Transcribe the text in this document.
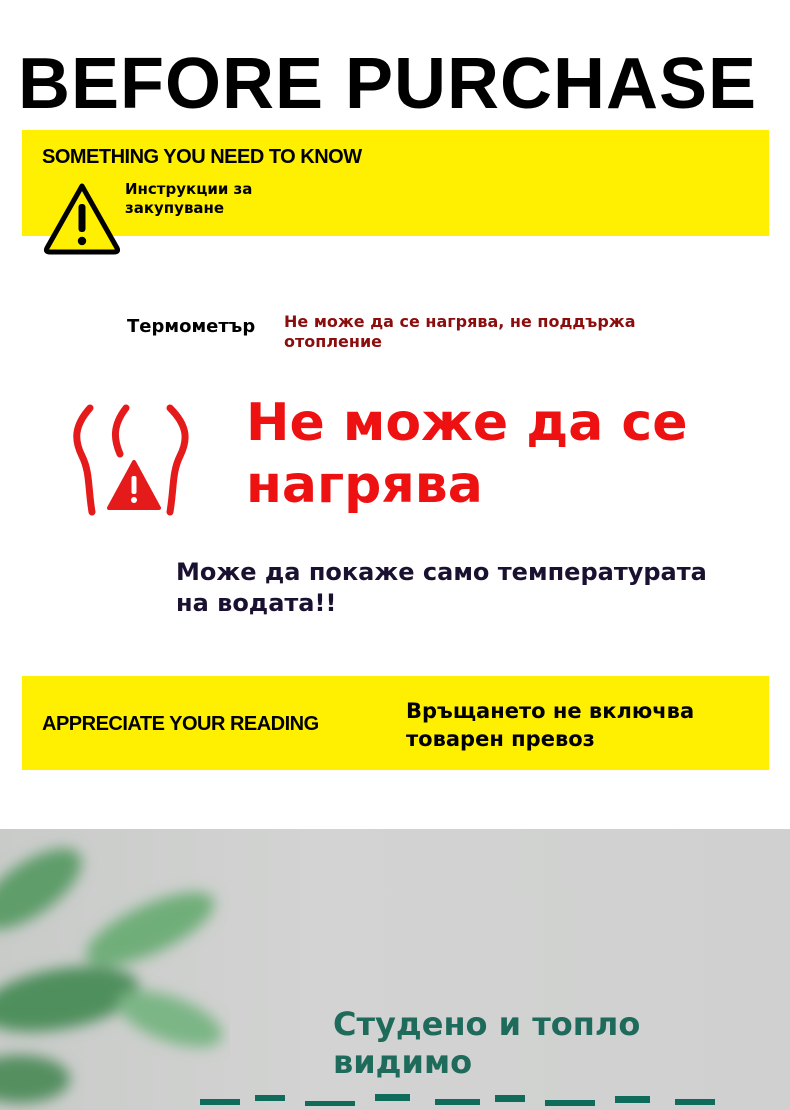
BEFORE PURCHASE
SOMETHING YOU NEED TO KNOW
Инструкции за закупуване
Термометър Не може да се нагрява, не поддържа отопление
Не може да се нагрява
Може да покаже само температурата на водата!!
APPRECIATE YOUR READING
Връщането не включва товарен превоз
Студено и топло видимо
